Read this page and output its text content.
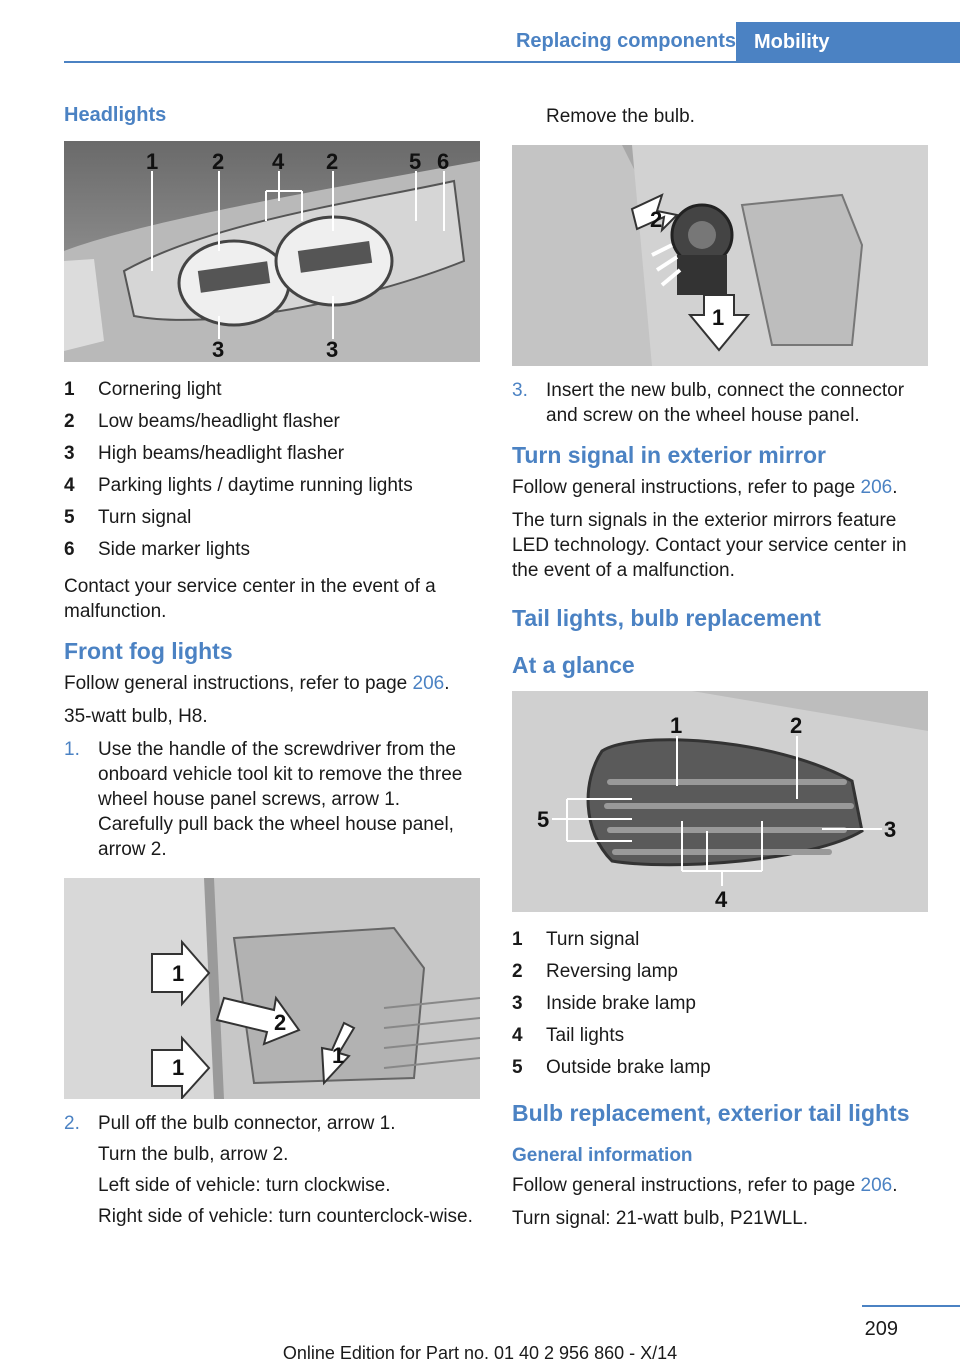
Replacing components Mobility
Headlights
1 2 4 2	5 6
3	3
1	Cornering light
2	Low beams/headlight flasher
3	High beams/headlight flasher
4	Parking lights / daytime running lights
5	Turn signal
6	Side marker lights

Contact your service center in the event of a malfunction.

Front fog lights

Follow general instructions, refer to page 206.

35-watt bulb, H8.

1. Use the handle of the screwdriver from the onboard vehicle tool kit to remove the three wheel house panel screws, arrow 1. Carefully pull back the wheel house panel, arrow 2.
1
2
1	1
2. Pull off the bulb connector, arrow 1.

Turn the bulb, arrow 2.

Left side of vehicle: turn clockwise.

Right side of vehicle: turn counterclock-wise.

Remove the bulb.

2
1
3. Insert the new bulb, connect the connector and screw on the wheel house panel.
Turn signal in exterior mirror

Follow general instructions, refer to page 206.

The turn signals in the exterior mirrors feature LED technology. Contact your service center in the event of a malfunction.

Tail lights, bulb replacement
At a glance
1	2
5	3
4
1	Turn signal
2	Reversing lamp
3	Inside brake lamp
4	Tail lights
5	Outside brake lamp
Bulb replacement, exterior tail lights
General information

Follow general instructions, refer to page 206.

Turn signal: 21-watt bulb, P21WLL.

209
Online Edition for Part no. 01 40 2 956 860 - X/14
